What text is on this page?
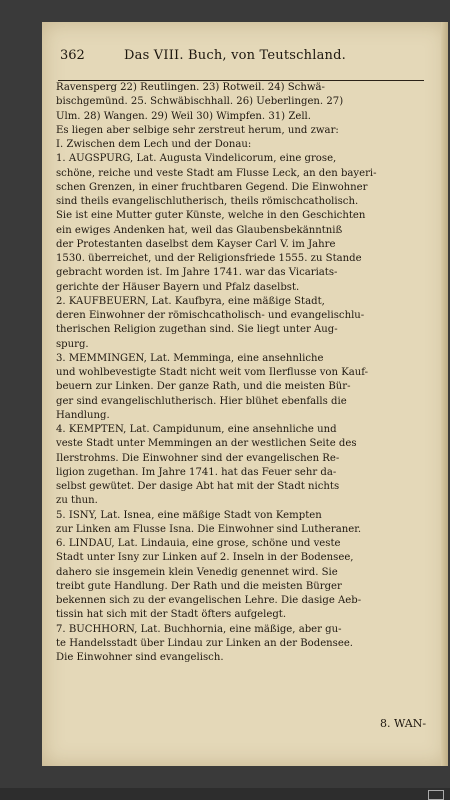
362	Das VIII. Buch, von Teutschland.
Ravensperg 22) Reutlingen. 23) Rotweil. 24) Schwä-
bischgemünd. 25. Schwäbischhall. 26) Ueberlingen. 27)
Ulm. 28) Wangen. 29) Weil 30) Wimpfen. 31) Zell.
Es liegen aber selbige sehr zerstreut herum, und zwar:
I. Zwischen dem Lech und der Donau:
1. AUGSPURG, Lat. Augusta Vindelicorum, eine grose,
schöne, reiche und veste Stadt am Flusse Leck, an den bayeri-
schen Grenzen, in einer fruchtbaren Gegend. Die Einwohner
sind theils evangelischlutherisch, theils römischcatholisch.
Sie ist eine Mutter guter Künste, welche in den Geschichten
ein ewiges Andenken hat, weil das Glaubensbekänntniß
der Protestanten daselbst dem Kayser Carl V. im Jahre
1530. überreichet, und der Religionsfriede 1555. zu Stande
gebracht worden ist. Im Jahre 1741. war das Vicariats-
gerichte der Häuser Bayern und Pfalz daselbst.
2. KAUFBEUERN, Lat. Kaufbyra, eine mäßige Stadt,
deren Einwohner der römischcatholisch- und evangelischlu-
therischen Religion zugethan sind. Sie liegt unter Aug-
spurg.
3. MEMMINGEN, Lat. Memminga, eine ansehnliche
und wohlbevestigte Stadt nicht weit vom Ilerflusse von Kauf-
beuern zur Linken. Der ganze Rath, und die meisten Bür-
ger sind evangelischlutherisch. Hier blühet ebenfalls die
Handlung.
4. KEMPTEN, Lat. Campidunum, eine ansehnliche und
veste Stadt unter Memmingen an der westlichen Seite des
Ilerstrohms. Die Einwohner sind der evangelischen Re-
ligion zugethan. Im Jahre 1741. hat das Feuer sehr da-
selbst gewütet. Der dasige Abt hat mit der Stadt nichts
zu thun.
5. ISNY, Lat. Isnea, eine mäßige Stadt von Kempten
zur Linken am Flusse Isna. Die Einwohner sind Lutheraner.
6. LINDAU, Lat. Lindauia, eine grose, schöne und veste
Stadt unter Isny zur Linken auf 2. Inseln in der Bodensee,
dahero sie insgemein klein Venedig genennet wird. Sie
treibt gute Handlung. Der Rath und die meisten Bürger
bekennen sich zu der evangelischen Lehre. Die dasige Aeb-
tissin hat sich mit der Stadt öfters aufgelegt.
7. BUCHHORN, Lat. Buchhornia, eine mäßige, aber gu-
te Handelsstadt über Lindau zur Linken an der Bodensee.
Die Einwohner sind evangelisch.
8. WAN-
